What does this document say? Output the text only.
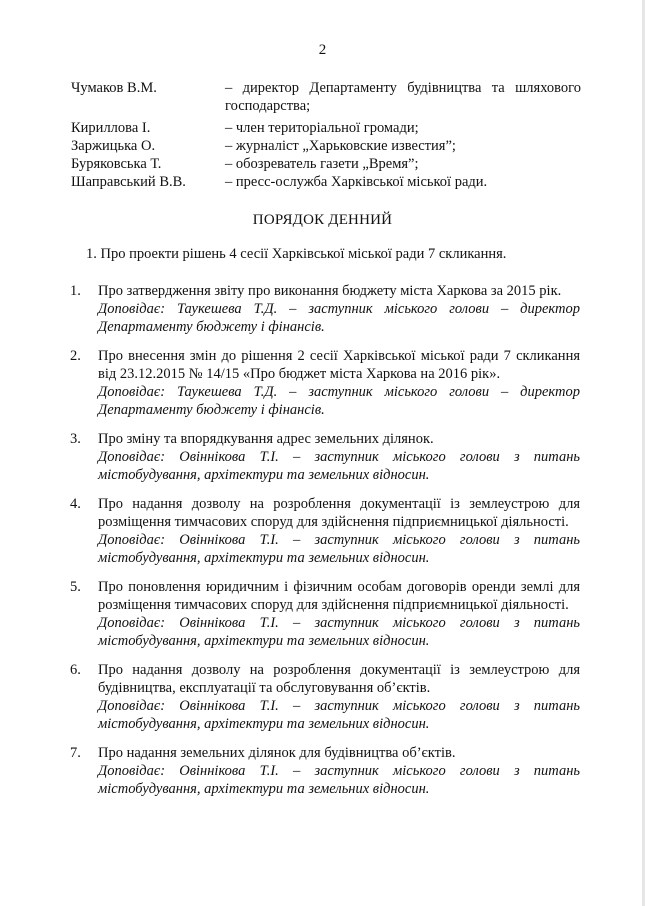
2
Чумаков В.М.	– директор Департаменту будівництва та шляхового господарства;
Кириллова І.	– член територіальної громади;
Заржицька О.	– журналіст „Харьковские известия”;
Буряковська Т.	– обозреватель газети „Время”;
Шаправський В.В.	– пресс-ослужба Харківської міської ради.
ПОРЯДОК ДЕННИЙ
1. Про проекти рішень 4 сесії Харківської міської ради 7 скликання.
1.	Про затвердження звіту про виконання бюджету міста Харкова за 2015 рік.
Доповідає: Таукешева Т.Д. – заступник міського голови – директор Департаменту бюджету і фінансів.
2.	Про внесення змін до рішення 2 сесії Харківської міської ради 7 скликання від 23.12.2015 № 14/15 «Про бюджет міста Харкова на 2016 рік».
Доповідає: Таукешева Т.Д. – заступник міського голови – директор Департаменту бюджету і фінансів.
3.	Про зміну та впорядкування адрес земельних ділянок.
Доповідає: Овіннікова Т.І. – заступник міського голови з питань містобудування, архітектури та земельних відносин.
4.	Про надання дозволу на розроблення документації із землеустрою для розміщення тимчасових споруд для здійснення підприємницької діяльності.
Доповідає: Овіннікова Т.І. – заступник міського голови з питань містобудування, архітектури та земельних відносин.
5.	Про поновлення юридичним і фізичним особам договорів оренди землі для розміщення тимчасових споруд для здійснення підприємницької діяльності.
Доповідає: Овіннікова Т.І. – заступник міського голови з питань містобудування, архітектури та земельних відносин.
6.	Про надання дозволу на розроблення документації із землеустрою для будівництва, експлуатації та обслуговування об’єктів.
Доповідає: Овіннікова Т.І. – заступник міського голови з питань містобудування, архітектури та земельних відносин.
7.	Про надання земельних ділянок для будівництва об’єктів.
Доповідає: Овіннікова Т.І. – заступник міського голови з питань містобудування, архітектури та земельних відносин.
